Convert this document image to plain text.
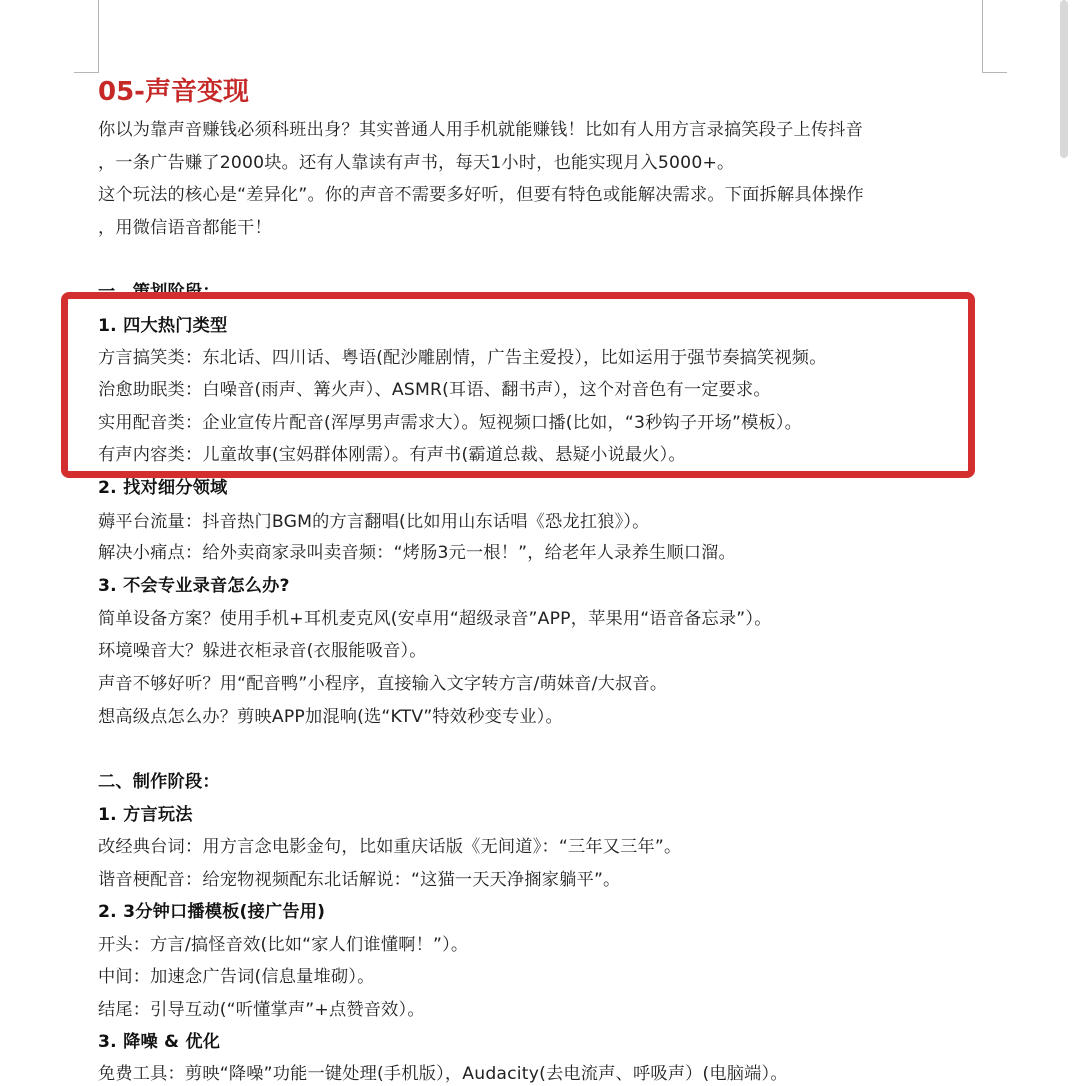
05-声音变现
你以为靠声音赚钱必须科班出身？其实普通人用手机就能赚钱！比如有人用方言录搞笑段子上传抖音
，一条广告赚了2000块。还有人靠读有声书，每天1小时，也能实现月入5000+。
这个玩法的核心是“差异化”。你的声音不需要多好听，但要有特色或能解决需求。下面拆解具体操作
，用微信语音都能干！
一、策划阶段：
1. 四大热门类型
方言搞笑类：东北话、四川话、粤语(配沙雕剧情，广告主爱投），比如运用于强节奏搞笑视频。
治愈助眠类：白噪音(雨声、篝火声）、ASMR(耳语、翻书声），这个对音色有一定要求。
实用配音类：企业宣传片配音(浑厚男声需求大）。短视频口播(比如，“3秒钩子开场”模板）。
有声内容类：儿童故事(宝妈群体刚需）。有声书(霸道总裁、悬疑小说最火）。
2. 找对细分领域
薅平台流量：抖音热门BGM的方言翻唱(比如用山东话唱《恐龙扛狼》）。
解决小痛点：给外卖商家录叫卖音频：“烤肠3元一根！”，给老年人录养生顺口溜。
3. 不会专业录音怎么办?
简单设备方案？使用手机+耳机麦克风(安卓用“超级录音”APP，苹果用“语音备忘录”）。
环境噪音大？躲进衣柜录音(衣服能吸音）。
声音不够好听？用“配音鸭”小程序，直接输入文字转方言/萌妹音/大叔音。
想高级点怎么办？剪映APP加混响(选“KTV”特效秒变专业）。
二、制作阶段：
1. 方言玩法
改经典台词：用方言念电影金句，比如重庆话版《无间道》：“三年又三年”。
谐音梗配音：给宠物视频配东北话解说：“这猫一天天净搁家躺平”。
2. 3分钟口播模板(接广告用)
开头：方言/搞怪音效(比如“家人们谁懂啊！”）。
中间：加速念广告词(信息量堆砌）。
结尾：引导互动(“听懂掌声”+点赞音效）。
3. 降噪 & 优化
免费工具：剪映“降噪”功能一键处理(手机版），Audacity(去电流声、呼吸声）(电脑端）。
